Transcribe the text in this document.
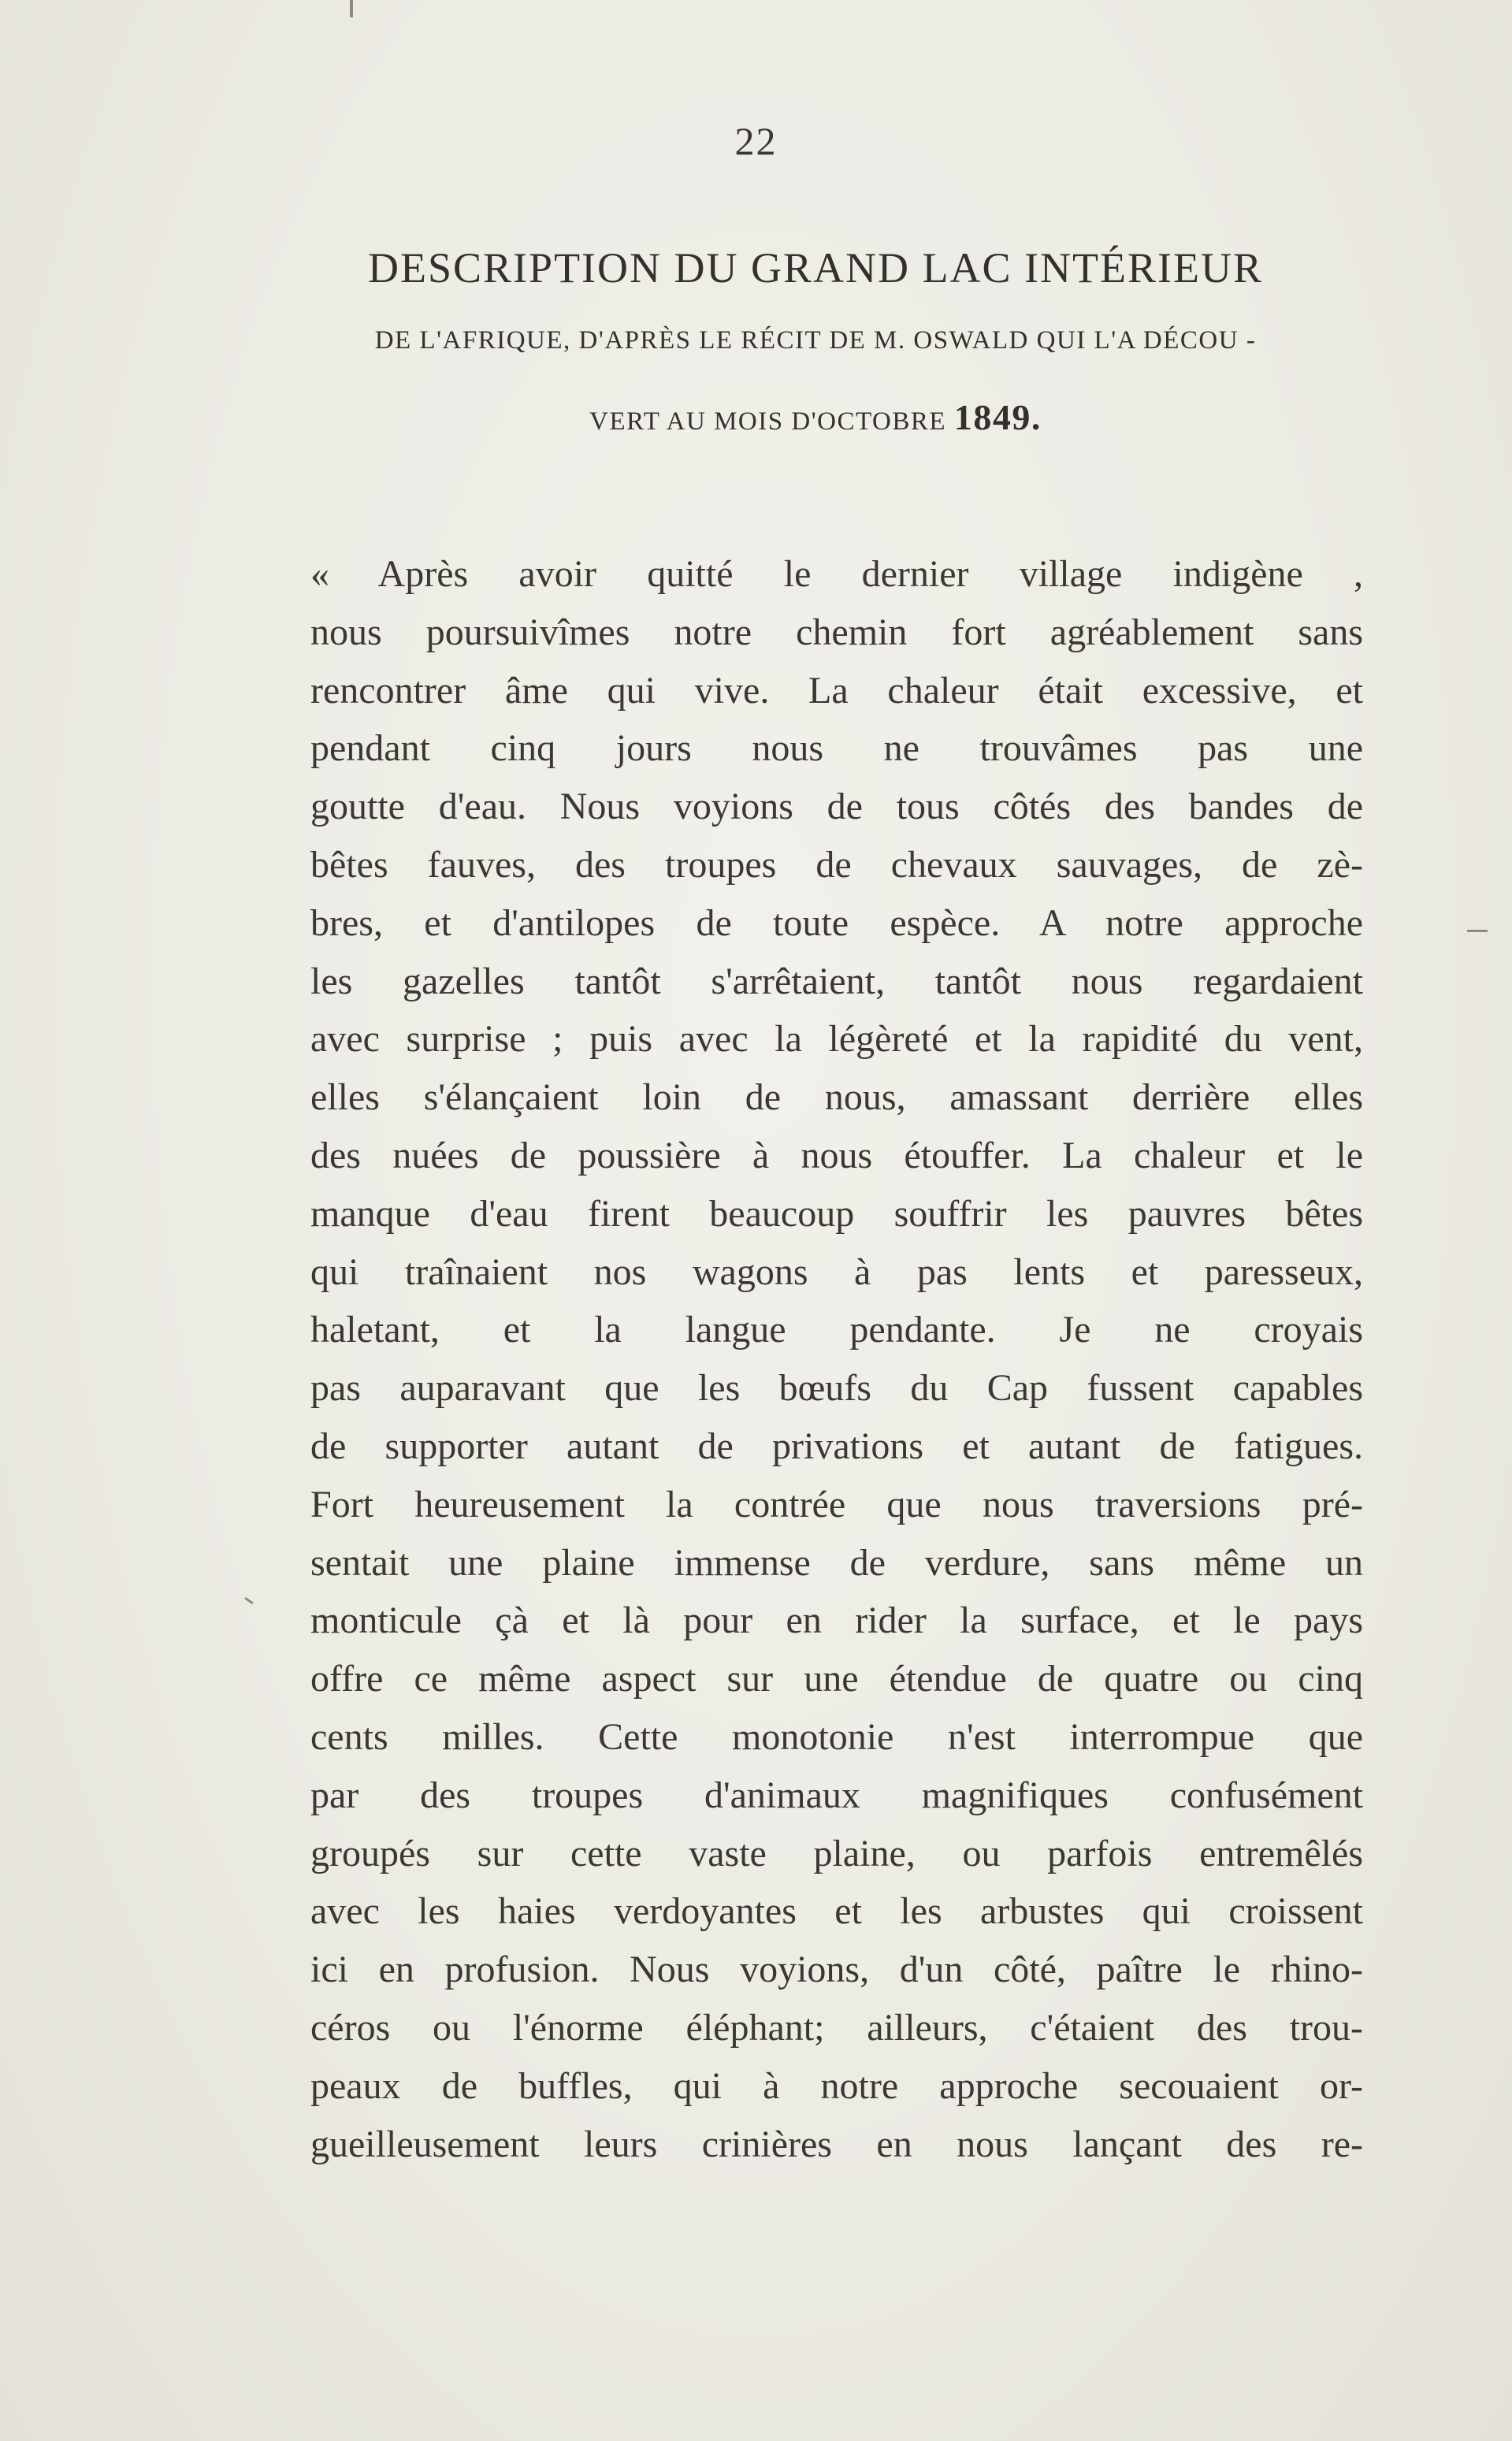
22
DESCRIPTION DU GRAND LAC INTÉRIEUR
DE L'AFRIQUE, D'APRÈS LE RÉCIT DE M. OSWALD QUI L'A DÉCOU -
VERT AU MOIS D'OCTOBRE 1849.
« Après avoir quitté le dernier village indigène ,
nous poursuivîmes notre chemin fort agréablement sans
rencontrer âme qui vive. La chaleur était excessive, et
pendant cinq jours nous ne trouvâmes pas une
goutte d'eau. Nous voyions de tous côtés des bandes de
bêtes fauves, des troupes de chevaux sauvages, de zè-
bres, et d'antilopes de toute espèce. A notre approche
les gazelles tantôt s'arrêtaient, tantôt nous regardaient
avec surprise ; puis avec la légèreté et la rapidité du vent,
elles s'élançaient loin de nous, amassant derrière elles
des nuées de poussière à nous étouffer. La chaleur et le
manque d'eau firent beaucoup souffrir les pauvres bêtes
qui traînaient nos wagons à pas lents et paresseux,
haletant, et la langue pendante. Je ne croyais
pas auparavant que les bœufs du Cap fussent capables
de supporter autant de privations et autant de fatigues.
Fort heureusement la contrée que nous traversions pré-
sentait une plaine immense de verdure, sans même un
monticule çà et là pour en rider la surface, et le pays
offre ce même aspect sur une étendue de quatre ou cinq
cents milles. Cette monotonie n'est interrompue que
par des troupes d'animaux magnifiques confusément
groupés sur cette vaste plaine, ou parfois entremêlés
avec les haies verdoyantes et les arbustes qui croissent
ici en profusion. Nous voyions, d'un côté, paître le rhino-
céros ou l'énorme éléphant; ailleurs, c'étaient des trou-
peaux de buffles, qui à notre approche secouaient or-
gueilleusement leurs crinières en nous lançant des re-
